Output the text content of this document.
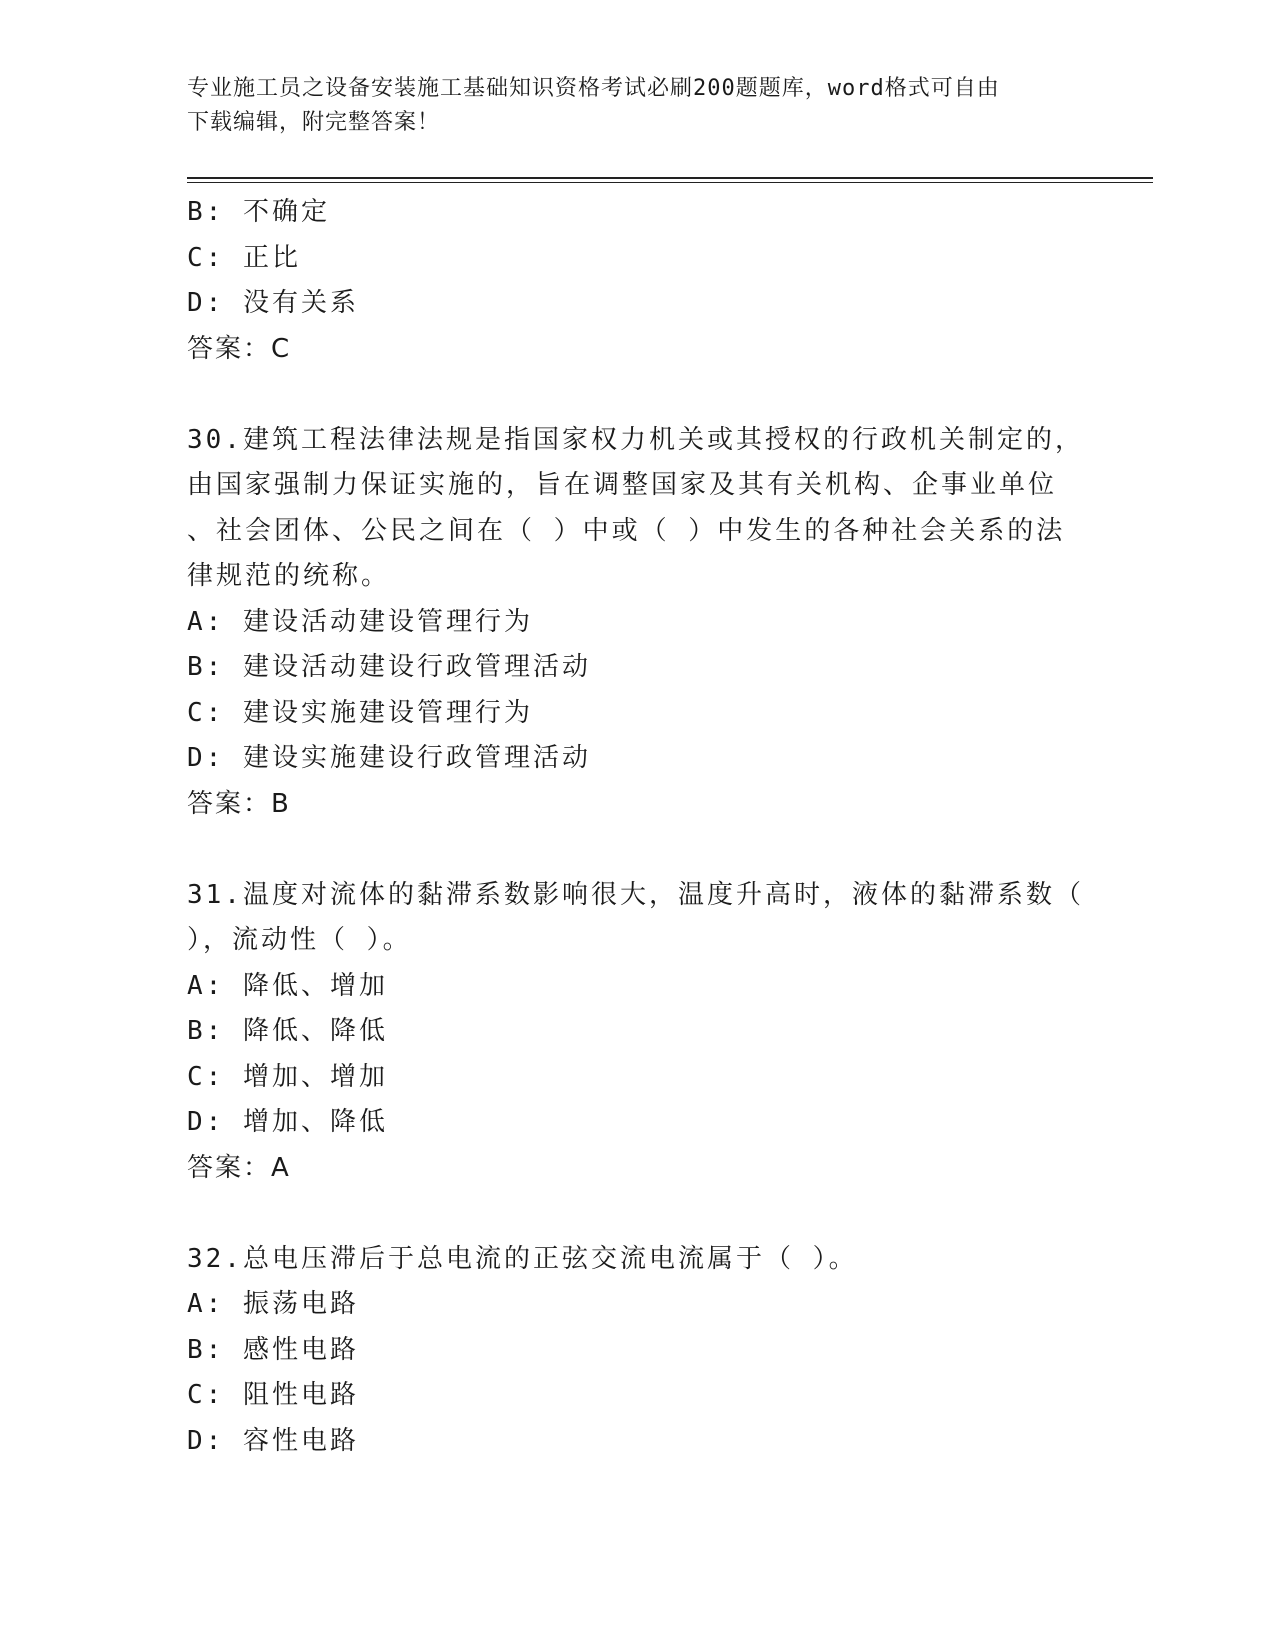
专业施工员之设备安装施工基础知识资格考试必刷200题题库，word格式可自由
下载编辑，附完整答案！
B: 不确定
C: 正比
D: 没有关系
答案：C
30.建筑工程法律法规是指国家权力机关或其授权的行政机关制定的，
由国家强制力保证实施的，旨在调整国家及其有关机构、企事业单位
、社会团体、公民之间在（ ）中或（ ）中发生的各种社会关系的法
律规范的统称。
A: 建设活动建设管理行为
B: 建设活动建设行政管理活动
C: 建设实施建设管理行为
D: 建设实施建设行政管理活动
答案：B
31.温度对流体的黏滞系数影响很大，温度升高时，液体的黏滞系数（
），流动性（ ）。
A: 降低、增加
B: 降低、降低
C: 增加、增加
D: 增加、降低
答案：A
32.总电压滞后于总电流的正弦交流电流属于（ ）。
A: 振荡电路
B: 感性电路
C: 阻性电路
D: 容性电路
